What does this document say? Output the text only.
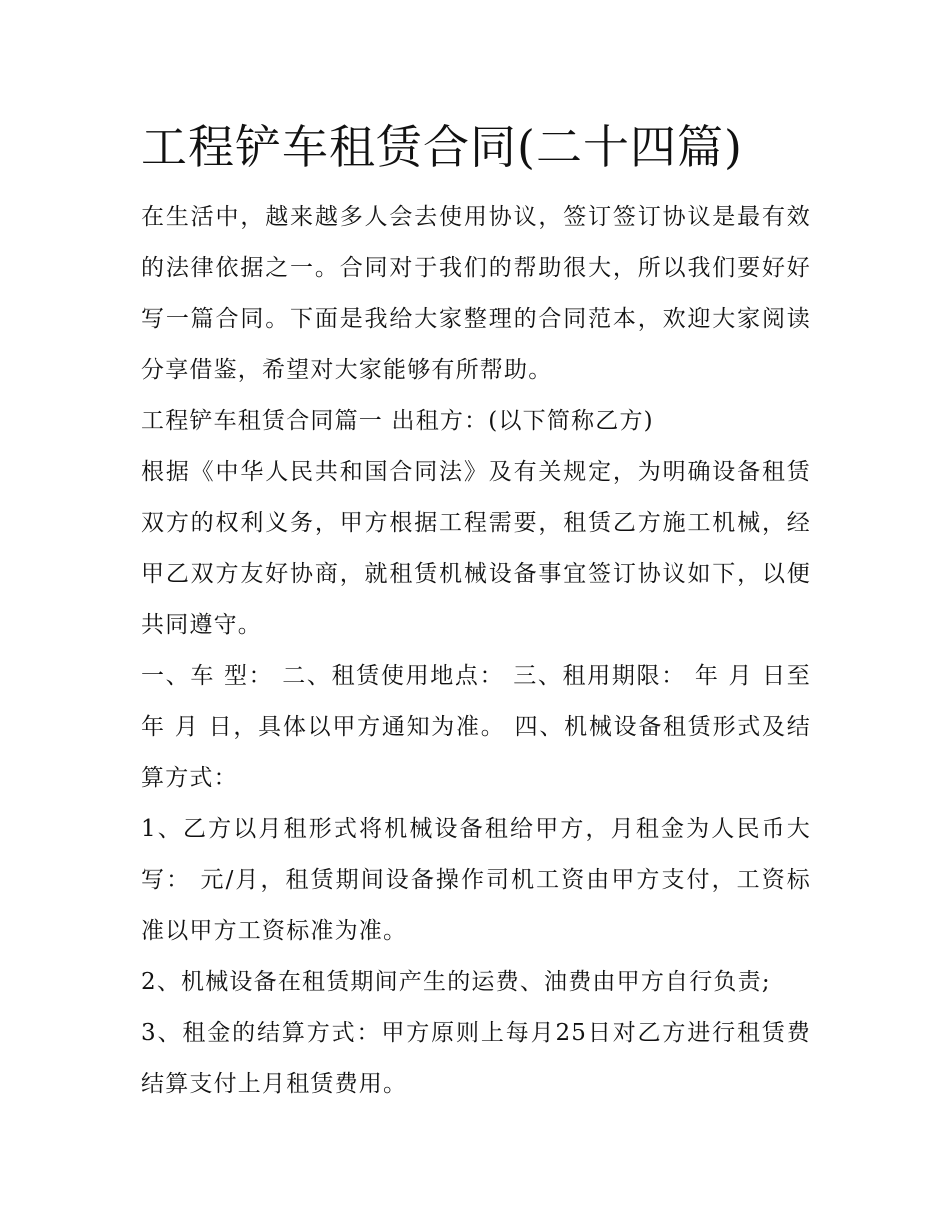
工程铲车租赁合同(二十四篇)

在生活中，越来越多人会去使用协议，签订签订协议是最有效的法律依据之一。合同对于我们的帮助很大，所以我们要好好写一篇合同。下面是我给大家整理的合同范本，欢迎大家阅读分享借鉴，希望对大家能够有所帮助。

工程铲车租赁合同篇一 出租方：(以下简称乙方)

根据《中华人民共和国合同法》及有关规定，为明确设备租赁双方的权利义务，甲方根据工程需要，租赁乙方施工机械，经甲乙双方友好协商，就租赁机械设备事宜签订协议如下，以便共同遵守。

一、车 型： 二、租赁使用地点： 三、租用期限： 年 月 日至 年 月 日，具体以甲方通知为准。 四、机械设备租赁形式及结算方式：

1、乙方以月租形式将机械设备租给甲方，月租金为人民币大写： 元/月，租赁期间设备操作司机工资由甲方支付，工资标准以甲方工资标准为准。

2、机械设备在租赁期间产生的运费、油费由甲方自行负责;

3、租金的结算方式：甲方原则上每月25日对乙方进行租赁费结算支付上月租赁费用。
